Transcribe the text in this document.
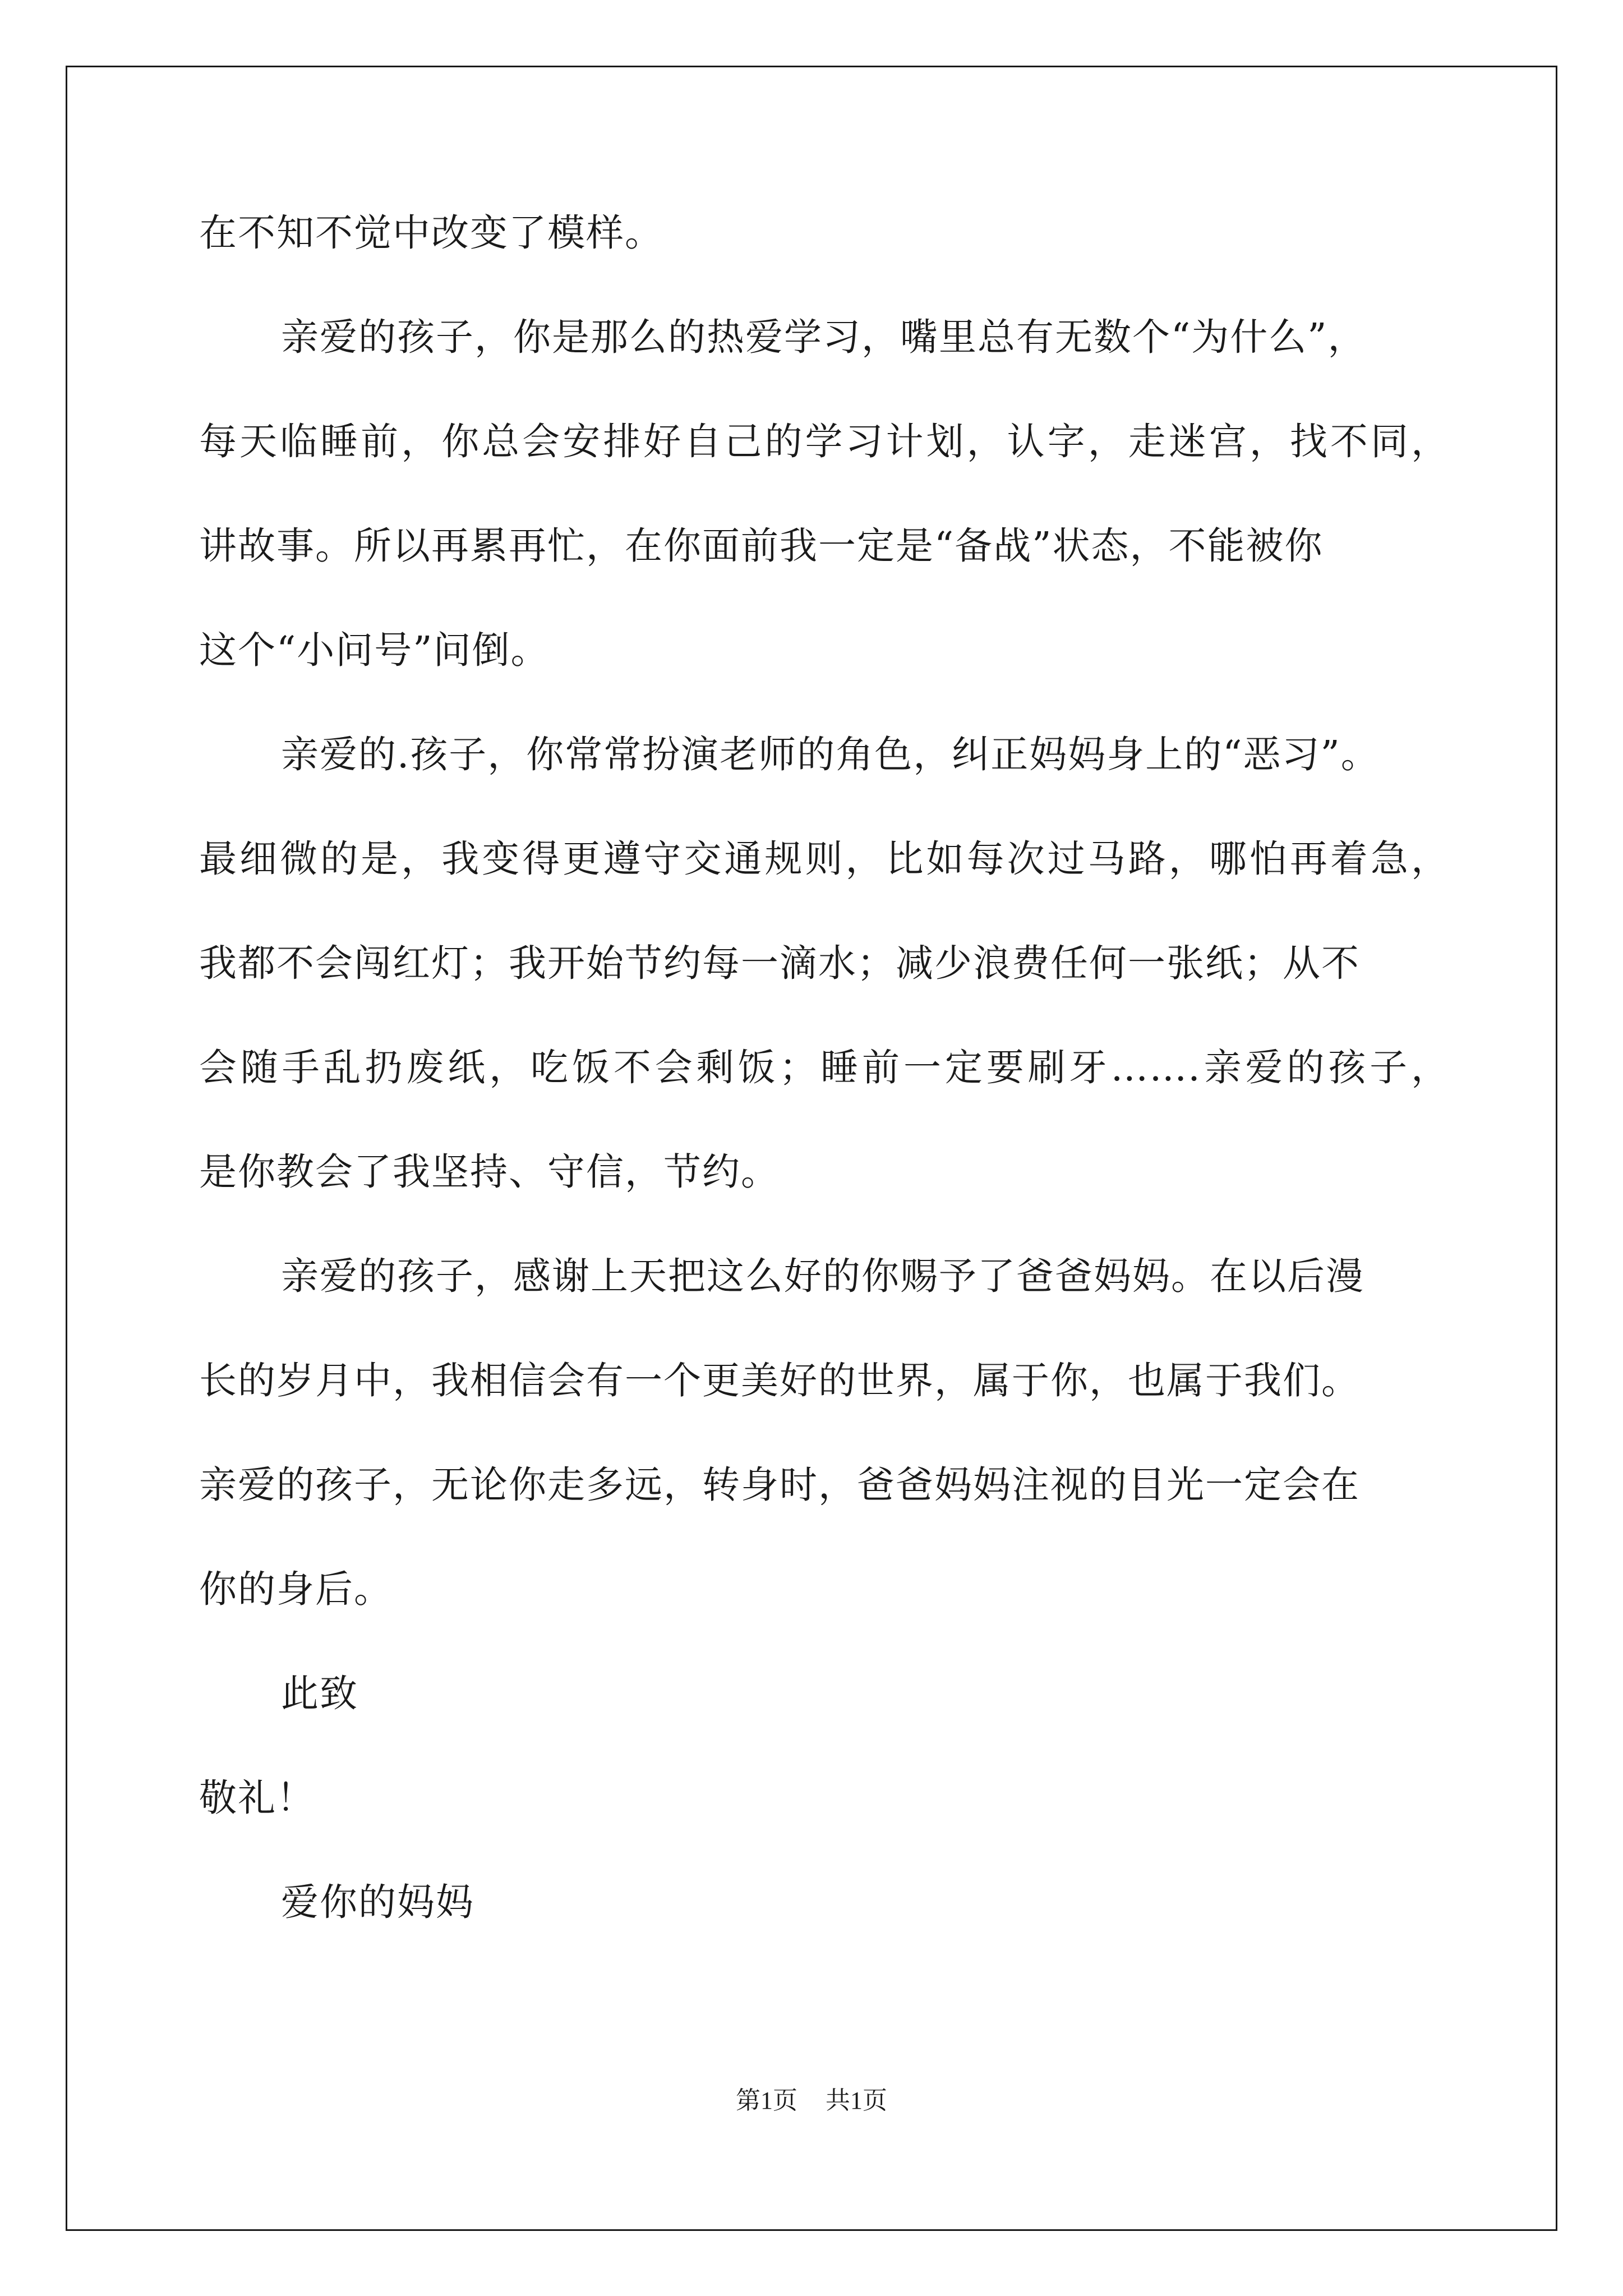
在不知不觉中改变了模样。
亲爱的孩子，你是那么的热爱学习，嘴里总有无数个“为什么”，
每天临睡前，你总会安排好自己的学习计划，认字，走迷宫，找不同，
讲故事。所以再累再忙，在你面前我一定是“备战”状态，不能被你
这个“小问号”问倒。
亲爱的.孩子，你常常扮演老师的角色，纠正妈妈身上的“恶习”。
最细微的是，我变得更遵守交通规则，比如每次过马路，哪怕再着急，
我都不会闯红灯；我开始节约每一滴水；减少浪费任何一张纸；从不
会随手乱扔废纸，吃饭不会剩饭；睡前一定要刷牙…….亲爱的孩子，
是你教会了我坚持、守信，节约。
亲爱的孩子，感谢上天把这么好的你赐予了爸爸妈妈。在以后漫
长的岁月中，我相信会有一个更美好的世界，属于你，也属于我们。
亲爱的孩子，无论你走多远，转身时，爸爸妈妈注视的目光一定会在
你的身后。
此致
敬礼！
爱你的妈妈
第1页 共1页
